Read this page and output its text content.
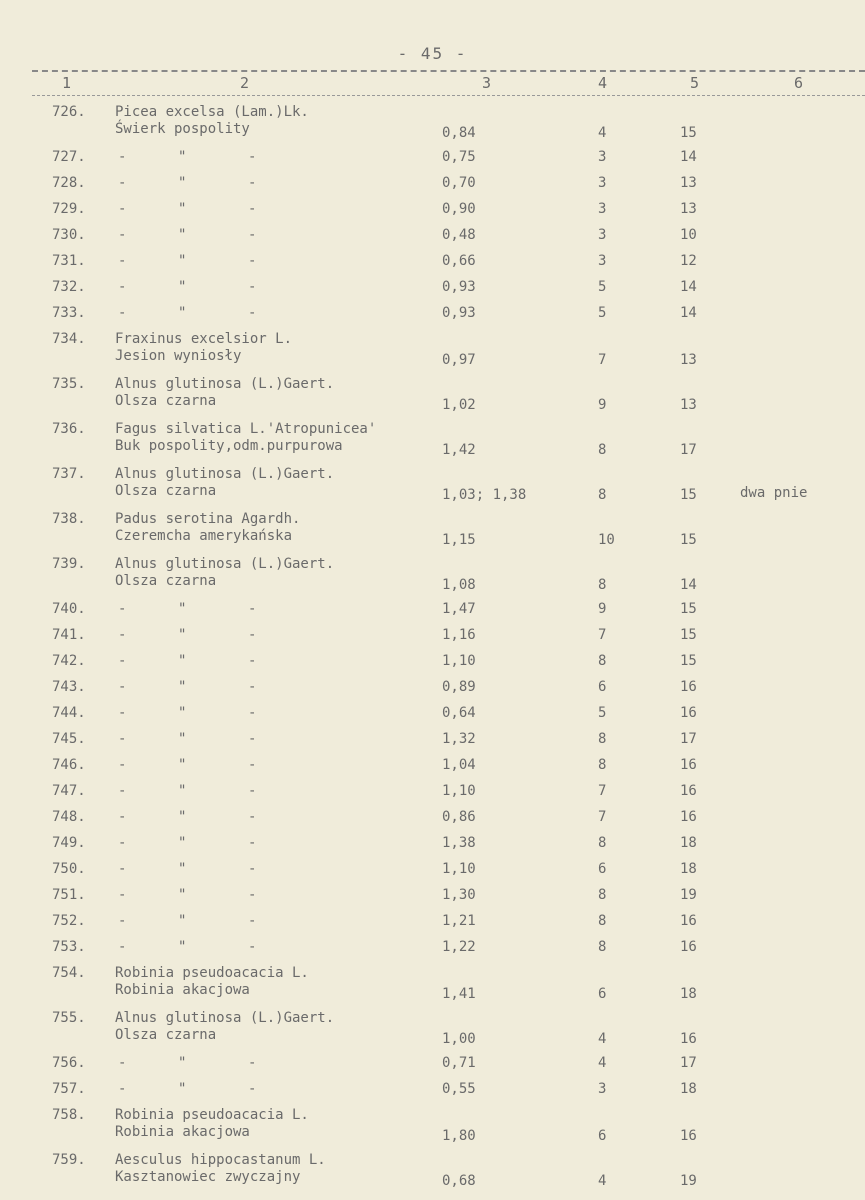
- 45 -
1	2	3	4	5	6
726. Picea excelsa (Lam.)Lk.
Świerk pospolity	0,84	4	15
727. -	"	-	0,75	3	14
728. -	"	-	0,70	3	13
729. -	"	-	0,90	3	13
730. -	"	-	0,48	3	10
731. -	"	-	0,66	3	12
732. -	"	-	0,93	5	14
733. -	"	-	0,93	5	14
734. Fraxinus excelsior L.
Jesion wyniosły	0,97	7	13
735. Alnus glutinosa (L.)Gaert.
Olsza czarna	1,02	9	13
736. Fagus silvatica L.'Atropunicea'
Buk pospolity,odm.purpurowa	1,42	8	17
737. Alnus glutinosa (L.)Gaert.
Olsza czarna	1,03; 1,38	8	15	dwa pnie
738. Padus serotina Agardh.
Czeremcha amerykańska	1,15	10	15
739. Alnus glutinosa (L.)Gaert.
Olsza czarna	1,08	8	14
740. -	"	-	1,47	9	15
741. -	"	-	1,16	7	15
742. -	"	-	1,10	8	15
743. -	"	-	0,89	6	16
744. -	"	-	0,64	5	16
745. -	"	-	1,32	8	17
746. -	"	-	1,04	8	16
747. -	"	-	1,10	7	16
748. -	"	-	0,86	7	16
749. -	"	-	1,38	8	18
750. -	"	-	1,10	6	18
751. -	"	-	1,30	8	19
752. -	"	-	1,21	8	16
753. -	"	-	1,22	8	16
754. Robinia pseudoacacia L.
Robinia akacjowa	1,41	6	18
755. Alnus glutinosa (L.)Gaert.
Olsza czarna	1,00	4	16
756. -	"	-	0,71	4	17
757. -	"	-	0,55	3	18
758. Robinia pseudoacacia L.
Robinia akacjowa	1,80	6	16
759. Aesculus hippocastanum L.
Kasztanowiec zwyczajny	0,68	4	19
